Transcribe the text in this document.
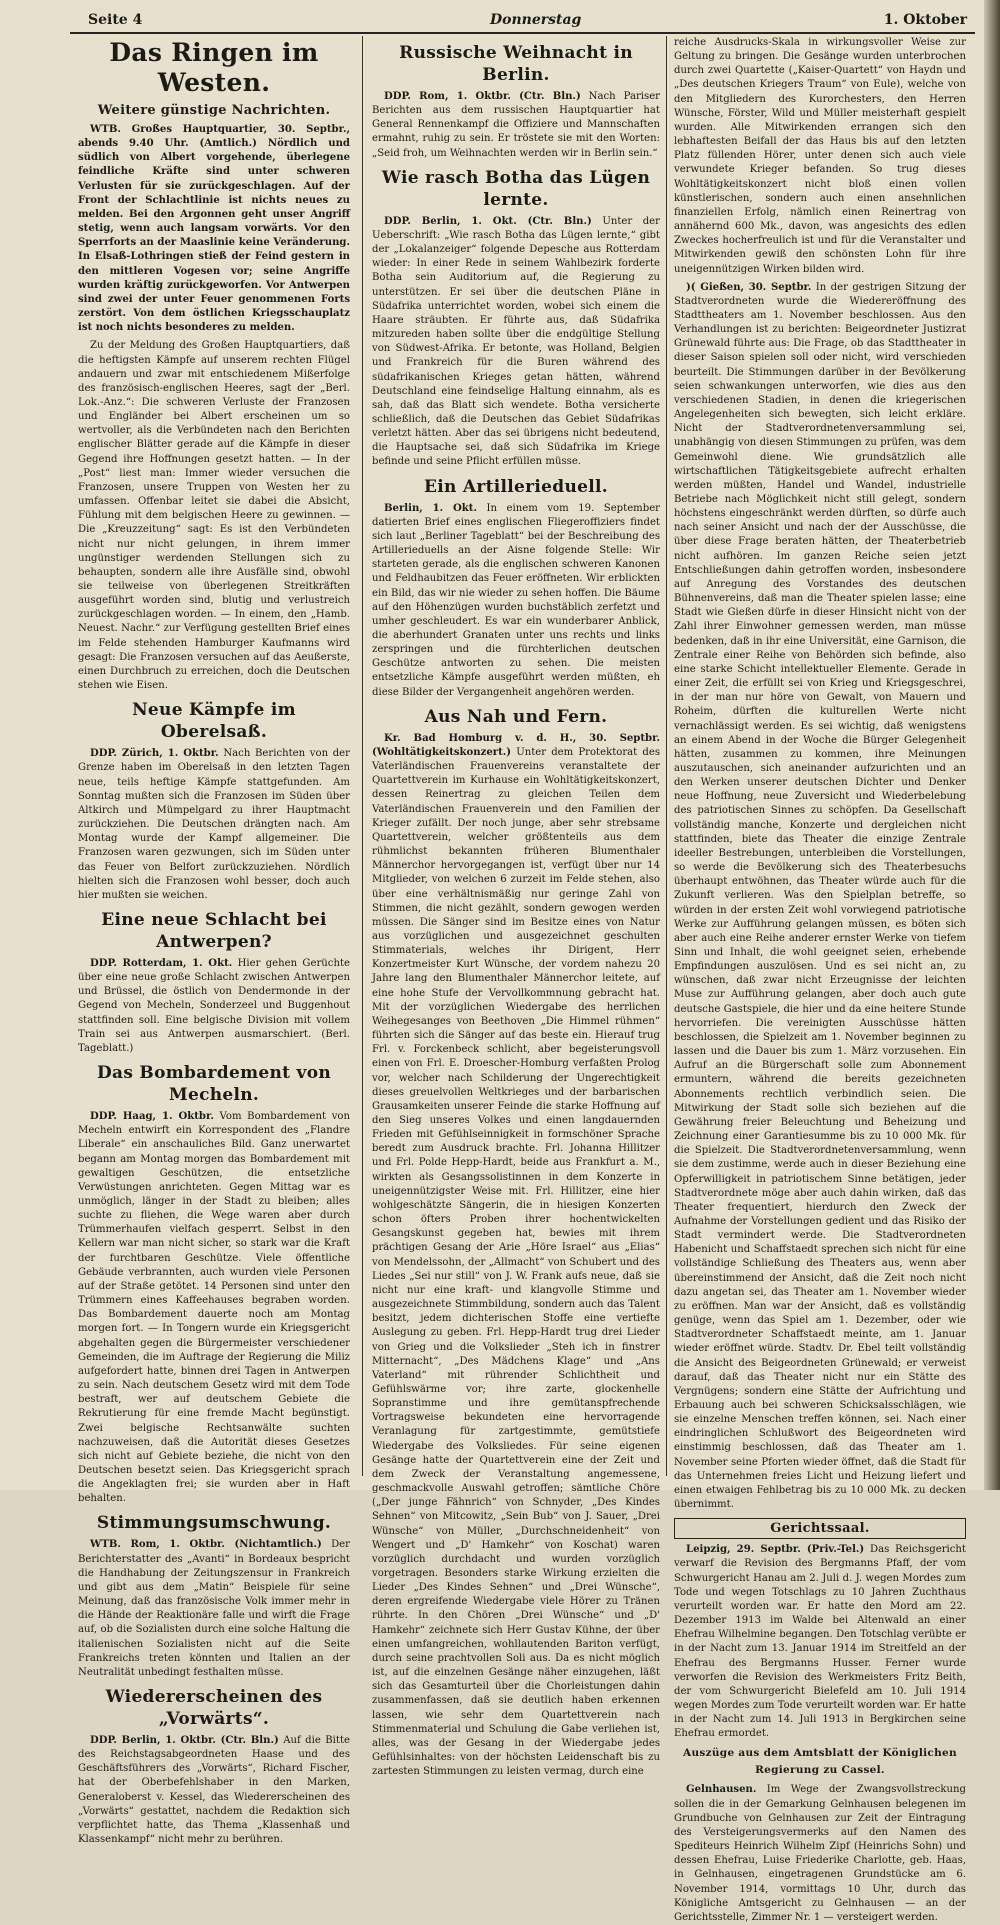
Seite 4	Donnerstag	1. Oktober
Das Ringen im Westen.
Weitere günstige Nachrichten.

WTB. Großes Hauptquartier, 30. Septbr., abends 9.40 Uhr. (Amtlich.) Nördlich und südlich von Albert vorgehende, überlegene feindliche Kräfte sind unter schweren Verlusten für sie zurückgeschlagen. Auf der Front der Schlachtlinie ist nichts neues zu melden. Bei den Argonnen geht unser Angriff stetig, wenn auch langsam vorwärts. Vor den Sperrforts an der Maaslinie keine Veränderung. In Elsaß-Lothringen stieß der Feind gestern in den mittleren Vogesen vor; seine Angriffe wurden kräftig zurückgeworfen. Vor Antwerpen sind zwei der unter Feuer genommenen Forts zerstört. Von dem östlichen Kriegsschauplatz ist noch nichts besonderes zu melden.

Zu der Meldung des Großen Hauptquartiers, daß die heftigsten Kämpfe auf unserem rechten Flügel andauern und zwar mit entschiedenem Mißerfolge des französisch-englischen Heeres, sagt der „Berl. Lok.-Anz.“: Die schweren Verluste der Franzosen und Engländer bei Albert erscheinen um so wertvoller, als die Verbündeten nach den Berichten englischer Blätter gerade auf die Kämpfe in dieser Gegend ihre Hoffnungen gesetzt hatten. — In der „Post“ liest man: Immer wieder versuchen die Franzosen, unsere Truppen von Westen her zu umfassen. Offenbar leitet sie dabei die Absicht, Fühlung mit dem belgischen Heere zu gewinnen. — Die „Kreuzzeitung“ sagt: Es ist den Verbündeten nicht nur nicht gelungen, in ihrem immer ungünstiger werdenden Stellungen sich zu behaupten, sondern alle ihre Ausfälle sind, obwohl sie teilweise von überlegenen Streitkräften ausgeführt worden sind, blutig und verlustreich zurückgeschlagen worden. — In einem, den „Hamb. Neuest. Nachr.“ zur Verfügung gestellten Brief eines im Felde stehenden Hamburger Kaufmanns wird gesagt: Die Franzosen versuchen auf das Aeußerste, einen Durchbruch zu erreichen, doch die Deutschen stehen wie Eisen.

Neue Kämpfe im Oberelsaß.

DDP. Zürich, 1. Oktbr. Nach Berichten von der Grenze haben im Oberelsaß in den letzten Tagen neue, teils heftige Kämpfe stattgefunden. Am Sonntag mußten sich die Franzosen im Süden über Altkirch und Mümpelgard zu ihrer Hauptmacht zurückziehen. Die Deutschen drängten nach. Am Montag wurde der Kampf allgemeiner. Die Franzosen waren gezwungen, sich im Süden unter das Feuer von Belfort zurückzuziehen. Nördlich hielten sich die Franzosen wohl besser, doch auch hier mußten sie weichen.

Eine neue Schlacht bei Antwerpen?

DDP. Rotterdam, 1. Okt. Hier gehen Gerüchte über eine neue große Schlacht zwischen Antwerpen und Brüssel, die östlich von Dendermonde in der Gegend von Mecheln, Sonderzeel und Buggenhout stattfinden soll. Eine belgische Division mit vollem Train sei aus Antwerpen ausmarschiert. (Berl. Tageblatt.)

Das Bombardement von Mecheln.

DDP. Haag, 1. Oktbr. Vom Bombardement von Mecheln entwirft ein Korrespondent des „Flandre Liberale“ ein anschauliches Bild. Ganz unerwartet begann am Montag morgen das Bombardement mit gewaltigen Geschützen, die entsetzliche Verwüstungen anrichteten. Gegen Mittag war es unmöglich, länger in der Stadt zu bleiben; alles suchte zu fliehen, die Wege waren aber durch Trümmerhaufen vielfach gesperrt. Selbst in den Kellern war man nicht sicher, so stark war die Kraft der furchtbaren Geschütze. Viele öffentliche Gebäude verbrannten, auch wurden viele Personen auf der Straße getötet. 14 Personen sind unter den Trümmern eines Kaffeehauses begraben worden. Das Bombardement dauerte noch am Montag morgen fort. — In Tongern wurde ein Kriegsgericht abgehalten gegen die Bürgermeister verschiedener Gemeinden, die im Auftrage der Regierung die Miliz aufgefordert hatte, binnen drei Tagen in Antwerpen zu sein. Nach deutschem Gesetz wird mit dem Tode bestraft, wer auf deutschem Gebiete die Rekrutierung für eine fremde Macht begünstigt. Zwei belgische Rechtsanwälte suchten nachzuweisen, daß die Autorität dieses Gesetzes sich nicht auf Gebiete beziehe, die nicht von den Deutschen besetzt seien. Das Kriegsgericht sprach die Angeklagten frei; sie wurden aber in Haft behalten.

Stimmungsumschwung.

WTB. Rom, 1. Oktbr. (Nichtamtlich.) Der Berichterstatter des „Avanti“ in Bordeaux bespricht die Handhabung der Zeitungszensur in Frankreich und gibt aus dem „Matin“ Beispiele für seine Meinung, daß das französische Volk immer mehr in die Hände der Reaktionäre falle und wirft die Frage auf, ob die Sozialisten durch eine solche Haltung die italienischen Sozialisten nicht auf die Seite Frankreichs treten könnten und Italien an der Neutralität unbedingt festhalten müsse.

Wiedererscheinen des „Vorwärts“.

DDP. Berlin, 1. Oktbr. (Ctr. Bln.) Auf die Bitte des Reichstagsabgeordneten Haase und des Geschäftsführers des „Vorwärts“, Richard Fischer, hat der Oberbefehlshaber in den Marken, Generaloberst v. Kessel, das Wiedererscheinen des „Vorwärts“ gestattet, nachdem die Redaktion sich verpflichtet hatte, das Thema „Klassenhaß und Klassenkampf“ nicht mehr zu berühren.

Russische Weihnacht in Berlin.

DDP. Rom, 1. Oktbr. (Ctr. Bln.) Nach Pariser Berichten aus dem russischen Hauptquartier hat General Rennenkampf die Offiziere und Mannschaften ermahnt, ruhig zu sein. Er tröstete sie mit den Worten: „Seid froh, um Weihnachten werden wir in Berlin sein.“

Wie rasch Botha das Lügen lernte.

DDP. Berlin, 1. Okt. (Ctr. Bln.) Unter der Ueberschrift: „Wie rasch Botha das Lügen lernte,“ gibt der „Lokalanzeiger“ folgende Depesche aus Rotterdam wieder: In einer Rede in seinem Wahlbezirk forderte Botha sein Auditorium auf, die Regierung zu unterstützen. Er sei über die deutschen Pläne in Südafrika unterrichtet worden, wobei sich einem die Haare sträubten. Er führte aus, daß Südafrika mitzureden haben sollte über die endgültige Stellung von Südwest-Afrika. Er betonte, was Holland, Belgien und Frankreich für die Buren während des südafrikanischen Krieges getan hätten, während Deutschland eine feindselige Haltung einnahm, als es sah, daß das Blatt sich wendete. Botha versicherte schließlich, daß die Deutschen das Gebiet Südafrikas verletzt hätten. Aber das sei übrigens nicht bedeutend, die Hauptsache sei, daß sich Südafrika im Kriege befinde und seine Pflicht erfüllen müsse.

Ein Artillerieduell.

Berlin, 1. Okt. In einem vom 19. September datierten Brief eines englischen Fliegeroffiziers findet sich laut „Berliner Tageblatt“ bei der Beschreibung des Artillerieduells an der Aisne folgende Stelle: Wir starteten gerade, als die englischen schweren Kanonen und Feldhaubitzen das Feuer eröffneten. Wir erblickten ein Bild, das wir nie wieder zu sehen hoffen. Die Bäume auf den Höhenzügen wurden buchstäblich zerfetzt und umher geschleudert. Es war ein wunderbarer Anblick, die aberhundert Granaten unter uns rechts und links zerspringen und die fürchterlichen deutschen Geschütze antworten zu sehen. Die meisten entsetzliche Kämpfe ausgeführt werden müßten, eh diese Bilder der Vergangenheit angehören werden.

Aus Nah und Fern.

Kr. Bad Homburg v. d. H., 30. Septbr. (Wohltätigkeitskonzert.) Unter dem Protektorat des Vaterländischen Frauenvereins veranstaltete der Quartettverein im Kurhause ein Wohltätigkeitskonzert, dessen Reinertrag zu gleichen Teilen dem Vaterländischen Frauenverein und den Familien der Krieger zufällt. Der noch junge, aber sehr strebsame Quartettverein, welcher größtenteils aus dem rühmlichst bekannten früheren Blumenthaler Männerchor hervorgegangen ist, verfügt über nur 14 Mitglieder, von welchen 6 zurzeit im Felde stehen, also über eine verhältnismäßig nur geringe Zahl von Stimmen, die nicht gezählt, sondern gewogen werden müssen. Die Sänger sind im Besitze eines von Natur aus vorzüglichen und ausgezeichnet geschulten Stimmaterials, welches ihr Dirigent, Herr Konzertmeister Kurt Wünsche, der vordem nahezu 20 Jahre lang den Blumenthaler Männerchor leitete, auf eine hohe Stufe der Vervollkommnung gebracht hat. Mit der vorzüglichen Wiedergabe des herrlichen Weihegesanges von Beethoven „Die Himmel rühmen“ führten sich die Sänger auf das beste ein. Hierauf trug Frl. v. Forckenbeck schlicht, aber begeisterungsvoll einen von Frl. E. Droescher-Homburg verfaßten Prolog vor, welcher nach Schilderung der Ungerechtigkeit dieses greuelvollen Weltkrieges und der barbarischen Grausamkeiten unserer Feinde die starke Hoffnung auf den Sieg unseres Volkes und einen langdauernden Frieden mit Gefühlseinnigkeit in formschöner Sprache beredt zum Ausdruck brachte. Frl. Johanna Hillitzer und Frl. Polde Hepp-Hardt, beide aus Frankfurt a. M., wirkten als Gesangssolistinnen in dem Konzerte in uneigennützigster Weise mit. Frl. Hillitzer, eine hier wohlgeschätzte Sängerin, die in hiesigen Konzerten schon öfters Proben ihrer hochentwickelten Gesangskunst gegeben hat, bewies mit ihrem prächtigen Gesang der Arie „Höre Israel“ aus „Elias“ von Mendelssohn, der „Allmacht“ von Schubert und des Liedes „Sei nur still“ von J. W. Frank aufs neue, daß sie nicht nur eine kraft- und klangvolle Stimme und ausgezeichnete Stimmbildung, sondern auch das Talent besitzt, jedem dichterischen Stoffe eine vertiefte Auslegung zu geben. Frl. Hepp-Hardt trug drei Lieder von Grieg und die Volkslieder „Steh ich in finstrer Mitternacht“, „Des Mädchens Klage“ und „Ans Vaterland“ mit rührender Schlichtheit und Gefühlswärme vor; ihre zarte, glockenhelle Sopranstimme und ihre gemütanspfrechende Vortragsweise bekundeten eine hervorragende Veranlagung für zartgestimmte, gemütstiefe Wiedergabe des Volksliedes. Für seine eigenen Gesänge hatte der Quartettverein eine der Zeit und dem Zweck der Veranstaltung angemessene, geschmackvolle Auswahl getroffen; sämtliche Chöre („Der junge Fähnrich“ von Schnyder, „Des Kindes Sehnen“ von Mitcowitz, „Sein Bub“ von J. Sauer, „Drei Wünsche“ von Müller, „Durchschneidenheit“ von Wengert und „D' Hamkehr“ von Koschat) waren vorzüglich durchdacht und wurden vorzüglich vorgetragen. Besonders starke Wirkung erzielten die Lieder „Des Kindes Sehnen“ und „Drei Wünsche“, deren ergreifende Wiedergabe viele Hörer zu Tränen rührte. In den Chören „Drei Wünsche“ und „D' Hamkehr“ zeichnete sich Herr Gustav Kühne, der über einen umfangreichen, wohllautenden Bariton verfügt, durch seine prachtvollen Soli aus. Da es nicht möglich ist, auf die einzelnen Gesänge näher einzugehen, läßt sich das Gesamturteil über die Chorleistungen dahin zusammenfassen, daß sie deutlich haben erkennen lassen, wie sehr dem Quartettverein nach Stimmenmaterial und Schulung die Gabe verliehen ist, alles, was der Gesang in der Wiedergabe jedes Gefühlsinhaltes: von der höchsten Leidenschaft bis zu zartesten Stimmungen zu leisten vermag, durch eine

reiche Ausdrucks-Skala in wirkungsvoller Weise zur Geltung zu bringen. Die Gesänge wurden unterbrochen durch zwei Quartette („Kaiser-Quartett“ von Haydn und „Des deutschen Kriegers Traum“ von Eule), welche von den Mitgliedern des Kurorchesters, den Herren Wünsche, Förster, Wild und Müller meisterhaft gespielt wurden. Alle Mitwirkenden errangen sich den lebhaftesten Beifall der das Haus bis auf den letzten Platz füllenden Hörer, unter denen sich auch viele verwundete Krieger befanden. So trug dieses Wohltätigkeitskonzert nicht bloß einen vollen künstlerischen, sondern auch einen ansehnlichen finanziellen Erfolg, nämlich einen Reinertrag von annähernd 600 Mk., davon, was angesichts des edlen Zweckes hocherfreulich ist und für die Veranstalter und Mitwirkenden gewiß den schönsten Lohn für ihre uneigennützigen Wirken bilden wird.

)( Gießen, 30. Septbr. In der gestrigen Sitzung der Stadtverordneten wurde die Wiedereröffnung des Stadttheaters am 1. November beschlossen. Aus den Verhandlungen ist zu berichten: Beigeordneter Justizrat Grünewald führte aus: Die Frage, ob das Stadttheater in dieser Saison spielen soll oder nicht, wird verschieden beurteilt. Die Stimmungen darüber in der Bevölkerung seien schwankungen unterworfen, wie dies aus den verschiedenen Stadien, in denen die kriegerischen Angelegenheiten sich bewegten, sich leicht erkläre. Nicht der Stadtverordnetenversammlung sei, unabhängig von diesen Stimmungen zu prüfen, was dem Gemeinwohl diene. Wie grundsätzlich alle wirtschaftlichen Tätigkeitsgebiete aufrecht erhalten werden müßten, Handel und Wandel, industrielle Betriebe nach Möglichkeit nicht still gelegt, sondern höchstens eingeschränkt werden dürften, so dürfe auch nach seiner Ansicht und nach der der Ausschüsse, die über diese Frage beraten hätten, der Theaterbetrieb nicht aufhören. Im ganzen Reiche seien jetzt Entschließungen dahin getroffen worden, insbesondere auf Anregung des Vorstandes des deutschen Bühnenvereins, daß man die Theater spielen lasse; eine Stadt wie Gießen dürfe in dieser Hinsicht nicht von der Zahl ihrer Einwohner gemessen werden, man müsse bedenken, daß in ihr eine Universität, eine Garnison, die Zentrale einer Reihe von Behörden sich befinde, also eine starke Schicht intellektueller Elemente. Gerade in einer Zeit, die erfüllt sei von Krieg und Kriegsgeschrei, in der man nur höre von Gewalt, von Mauern und Roheim, dürften die kulturellen Werte nicht vernachlässigt werden. Es sei wichtig, daß wenigstens an einem Abend in der Woche die Bürger Gelegenheit hätten, zusammen zu kommen, ihre Meinungen auszutauschen, sich aneinander aufzurichten und an den Werken unserer deutschen Dichter und Denker neue Hoffnung, neue Zuversicht und Wiederbelebung des patriotischen Sinnes zu schöpfen. Da Gesellschaft vollständig manche, Konzerte und dergleichen nicht stattfinden, biete das Theater die einzige Zentrale ideeller Bestrebungen, unterbleiben die Vorstellungen, so werde die Bevölkerung sich des Theaterbesuchs überhaupt entwöhnen, das Theater würde auch für die Zukunft verlieren. Was den Spielplan betreffe, so würden in der ersten Zeit wohl vorwiegend patriotische Werke zur Aufführung gelangen müssen, es böten sich aber auch eine Reihe anderer ernster Werke von tiefem Sinn und Inhalt, die wohl geeignet seien, erhebende Empfindungen auszulösen. Und es sei nicht an, zu wünschen, daß zwar nicht Erzeugnisse der leichten Muse zur Aufführung gelangen, aber doch auch gute deutsche Gastspiele, die hier und da eine heitere Stunde hervorriefen. Die vereinigten Ausschüsse hätten beschlossen, die Spielzeit am 1. November beginnen zu lassen und die Dauer bis zum 1. März vorzusehen. Ein Aufruf an die Bürgerschaft solle zum Abonnement ermuntern, während die bereits gezeichneten Abonnements rechtlich verbindlich seien. Die Mitwirkung der Stadt solle sich beziehen auf die Gewährung freier Beleuchtung und Beheizung und Zeichnung einer Garantiesumme bis zu 10 000 Mk. für die Spielzeit. Die Stadtverordnetenversammlung, wenn sie dem zustimme, werde auch in dieser Beziehung eine Opferwilligkeit in patriotischem Sinne betätigen, jeder Stadtverordnete möge aber auch dahin wirken, daß das Theater frequentiert, hierdurch den Zweck der Aufnahme der Vorstellungen gedient und das Risiko der Stadt vermindert werde. Die Stadtverordneten Habenicht und Schaffstaedt sprechen sich nicht für eine vollständige Schließung des Theaters aus, wenn aber übereinstimmend der Ansicht, daß die Zeit noch nicht dazu angetan sei, das Theater am 1. November wieder zu eröffnen. Man war der Ansicht, daß es vollständig genüge, wenn das Spiel am 1. Dezember, oder wie Stadtverordneter Schaffstaedt meinte, am 1. Januar wieder eröffnet würde. Stadtv. Dr. Ebel teilt vollständig die Ansicht des Beigeordneten Grünewald; er verweist darauf, daß das Theater nicht nur ein Stätte des Vergnügens; sondern eine Stätte der Aufrichtung und Erbauung auch bei schweren Schicksalsschlägen, wie sie einzelne Menschen treffen können, sei. Nach einer eindringlichen Schlußwort des Beigeordneten wird einstimmig beschlossen, daß das Theater am 1. November seine Pforten wieder öffnet, daß die Stadt für das Unternehmen freies Licht und Heizung liefert und einen etwaigen Fehlbetrag bis zu 10 000 Mk. zu decken übernimmt.

Gerichtssaal.

Leipzig, 29. Septbr. (Priv.-Tel.) Das Reichsgericht verwarf die Revision des Bergmanns Pfaff, der vom Schwurgericht Hanau am 2. Juli d. J. wegen Mordes zum Tode und wegen Totschlags zu 10 Jahren Zuchthaus verurteilt worden war. Er hatte den Mord am 22. Dezember 1913 im Walde bei Altenwald an einer Ehefrau Wilhelmine begangen. Den Totschlag verübte er in der Nacht zum 13. Januar 1914 im Streitfeld an der Ehefrau des Bergmanns Husser. Ferner wurde verworfen die Revision des Werkmeisters Fritz Beith, der vom Schwurgericht Bielefeld am 10. Juli 1914 wegen Mordes zum Tode verurteilt worden war. Er hatte in der Nacht zum 14. Juli 1913 in Bergkirchen seine Ehefrau ermordet.

Auszüge aus dem Amtsblatt der Königlichen Regierung zu Cassel.

Gelnhausen. Im Wege der Zwangsvollstreckung sollen die in der Gemarkung Gelnhausen belegenen im Grundbuche von Gelnhausen zur Zeit der Eintragung des Versteigerungsvermerks auf den Namen des Spediteurs Heinrich Wilhelm Zipf (Heinrichs Sohn) und dessen Ehefrau, Luise Friederike Charlotte, geb. Haas, in Gelnhausen, eingetragenen Grundstücke am 6. November 1914, vormittags 10 Uhr, durch das Königliche Amtsgericht zu Gelnhausen — an der Gerichtsstelle, Zimmer Nr. 1 — versteigert werden.
